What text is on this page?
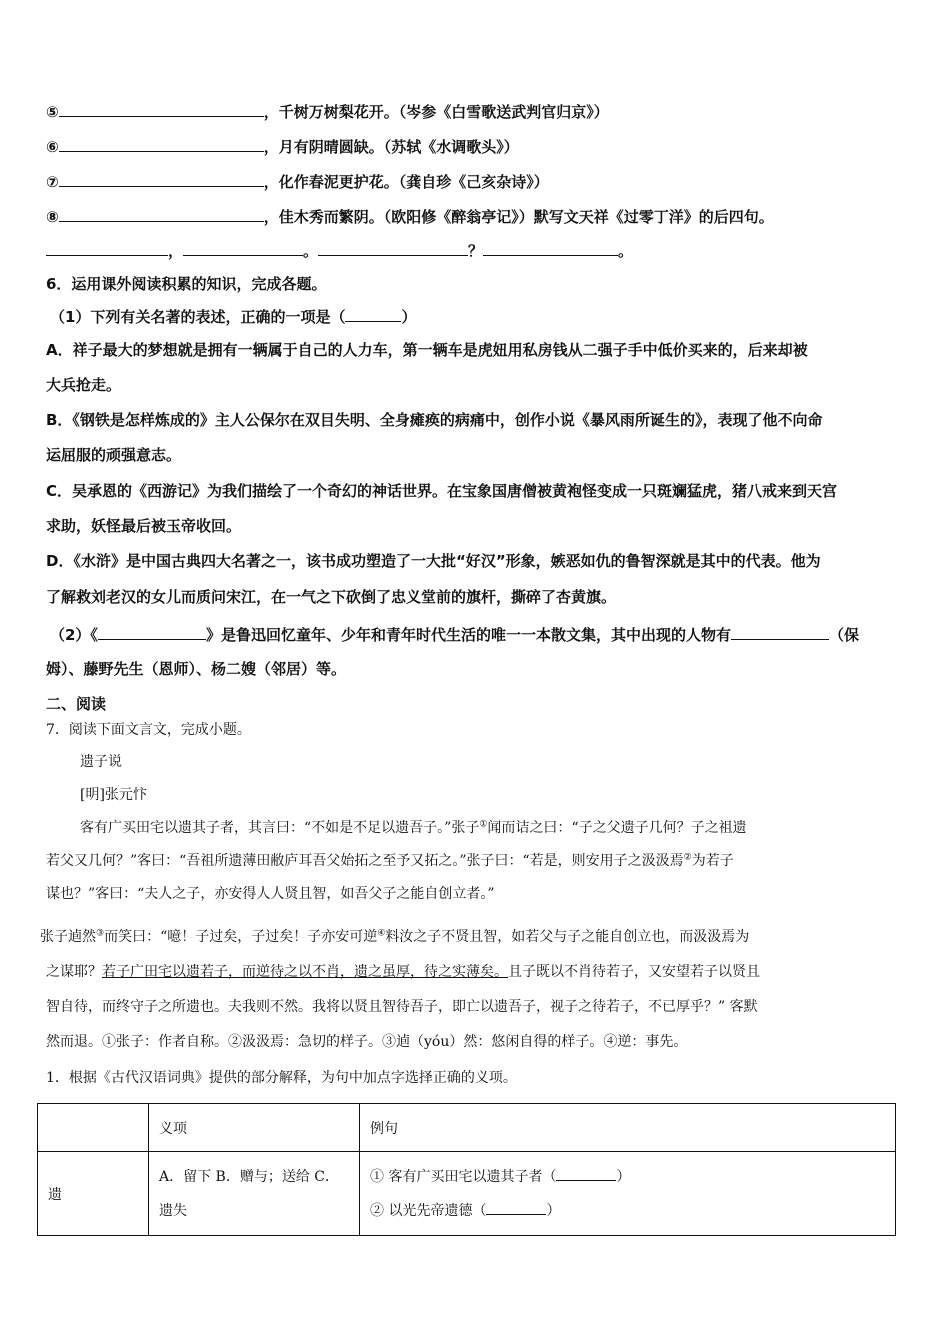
⑤	，千树万树梨花开。（岑参《白雪歌送武判官归京》）
⑥	，月有阴晴圆缺。（苏轼《水调歌头》）
⑦	，化作春泥更护花。（龚自珍《己亥杂诗》）
⑧	，佳木秀而繁阴。（欧阳修《醉翁亭记》）默写文天祥《过零丁洋》的后四句。
，	。	？	。
6．运用课外阅读积累的知识，完成各题。
（1）下列有关名著的表述，正确的一项是（	）
A．祥子最大的梦想就是拥有一辆属于自己的人力车，第一辆车是虎妞用私房钱从二强子手中低价买来的，后来却被
大兵抢走。
B．《钢铁是怎样炼成的》主人公保尔在双目失明、全身瘫痪的病痛中，创作小说《暴风雨所诞生的》，表现了他不向命
运屈服的顽强意志。
C．吴承恩的《西游记》为我们描绘了一个奇幻的神话世界。在宝象国唐僧被黄袍怪变成一只斑斓猛虎，猪八戒来到天宫
求助，妖怪最后被玉帝收回。
D．《水浒》是中国古典四大名著之一，该书成功塑造了一大批“好汉”形象，嫉恶如仇的鲁智深就是其中的代表。他为
了解救刘老汉的女儿而质问宋江，在一气之下砍倒了忠义堂前的旗杆，撕碎了杏黄旗。
（2）《	》是鲁迅回忆童年、少年和青年时代生活的唯一一本散文集，其中出现的人物有	（保
姆）、藤野先生（恩师）、杨二嫂（邻居）等。
二、阅读
7．阅读下面文言文，完成小题。
遗子说
[明]张元忭
客有广买田宅以遗其子者，其言曰：“不如是不足以遗吾子。”张子①闻而诘之曰：“子之父遗子几何？子之祖遗
若父又几何？”客曰：“吾祖所遗薄田敝庐耳吾父始拓之至予又拓之。”张子曰：“若是，则安用子之汲汲焉②为若子
谋也？”客曰：“夫人之子，亦安得人人贤且智，如吾父子之能自创立者。”
张子逌然③而笑曰：“噫！子过矣，子过矣！子亦安可逆④料汝之子不贤且智，如若父与子之能自创立也，而汲汲焉为
之谋耶？若子广田宅以遗若子，而逆待之以不肖，遗之虽厚，待之实薄矣。且子既以不肖待若子，又安望若子以贤且
智自待，而终守子之所遗也。夫我则不然。我将以贤且智待吾子，即亡以遗吾子，视子之待若子，不已厚乎？” 客默
然而退。①张子：作者自称。②汲汲焉：急切的样子。③逌（yóu）然：悠闲自得的样子。④逆：事先。
1．根据《古代汉语词典》提供的部分解释，为句中加点字选择正确的义项。
	义项	例句
遗	A．留下 B．赠与；送给 C．
遗失	① 客有广买田宅以遗其子者（ ）
② 以光先帝遗德（ ）
